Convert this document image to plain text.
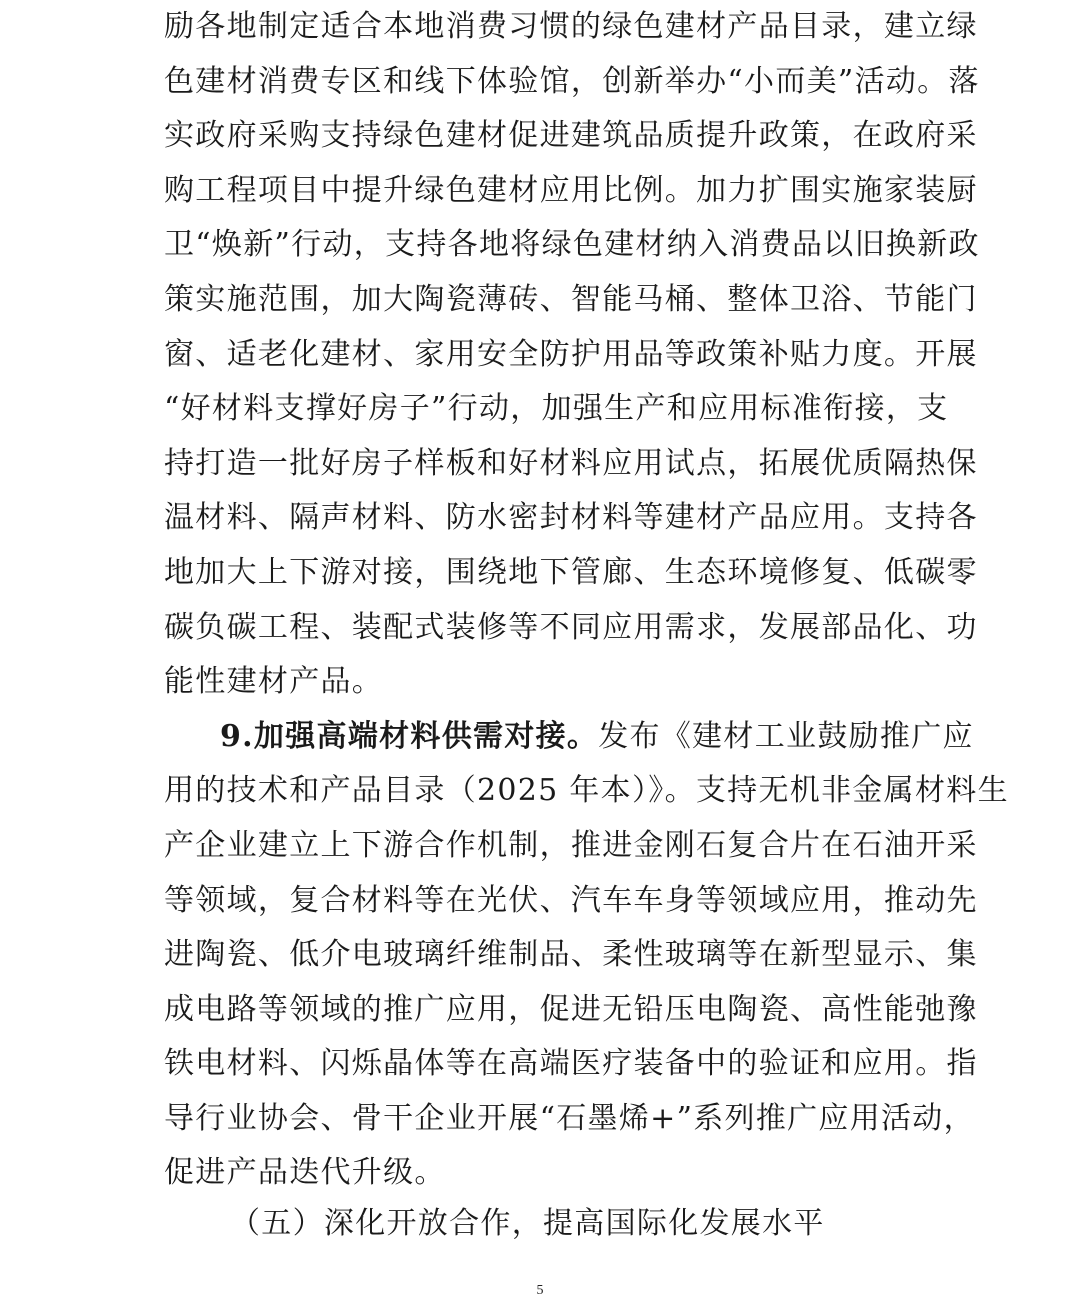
励各地制定适合本地消费习惯的绿色建材产品目录，建立绿
色建材消费专区和线下体验馆，创新举办“小而美”活动。落
实政府采购支持绿色建材促进建筑品质提升政策，在政府采
购工程项目中提升绿色建材应用比例。加力扩围实施家装厨
卫“焕新”行动，支持各地将绿色建材纳入消费品以旧换新政
策实施范围，加大陶瓷薄砖、智能马桶、整体卫浴、节能门
窗、适老化建材、家用安全防护用品等政策补贴力度。开展
“好材料支撑好房子”行动，加强生产和应用标准衔接，支
持打造一批好房子样板和好材料应用试点，拓展优质隔热保
温材料、隔声材料、防水密封材料等建材产品应用。支持各
地加大上下游对接，围绕地下管廊、生态环境修复、低碳零
碳负碳工程、装配式装修等不同应用需求，发展部品化、功
能性建材产品。
9.加强高端材料供需对接。发布《建材工业鼓励推广应
用的技术和产品目录（2025 年本）》。支持无机非金属材料生
产企业建立上下游合作机制，推进金刚石复合片在石油开采
等领域，复合材料等在光伏、汽车车身等领域应用，推动先
进陶瓷、低介电玻璃纤维制品、柔性玻璃等在新型显示、集
成电路等领域的推广应用，促进无铅压电陶瓷、高性能弛豫
铁电材料、闪烁晶体等在高端医疗装备中的验证和应用。指
导行业协会、骨干企业开展“石墨烯+”系列推广应用活动，
促进产品迭代升级。
（五）深化开放合作，提高国际化发展水平
5
